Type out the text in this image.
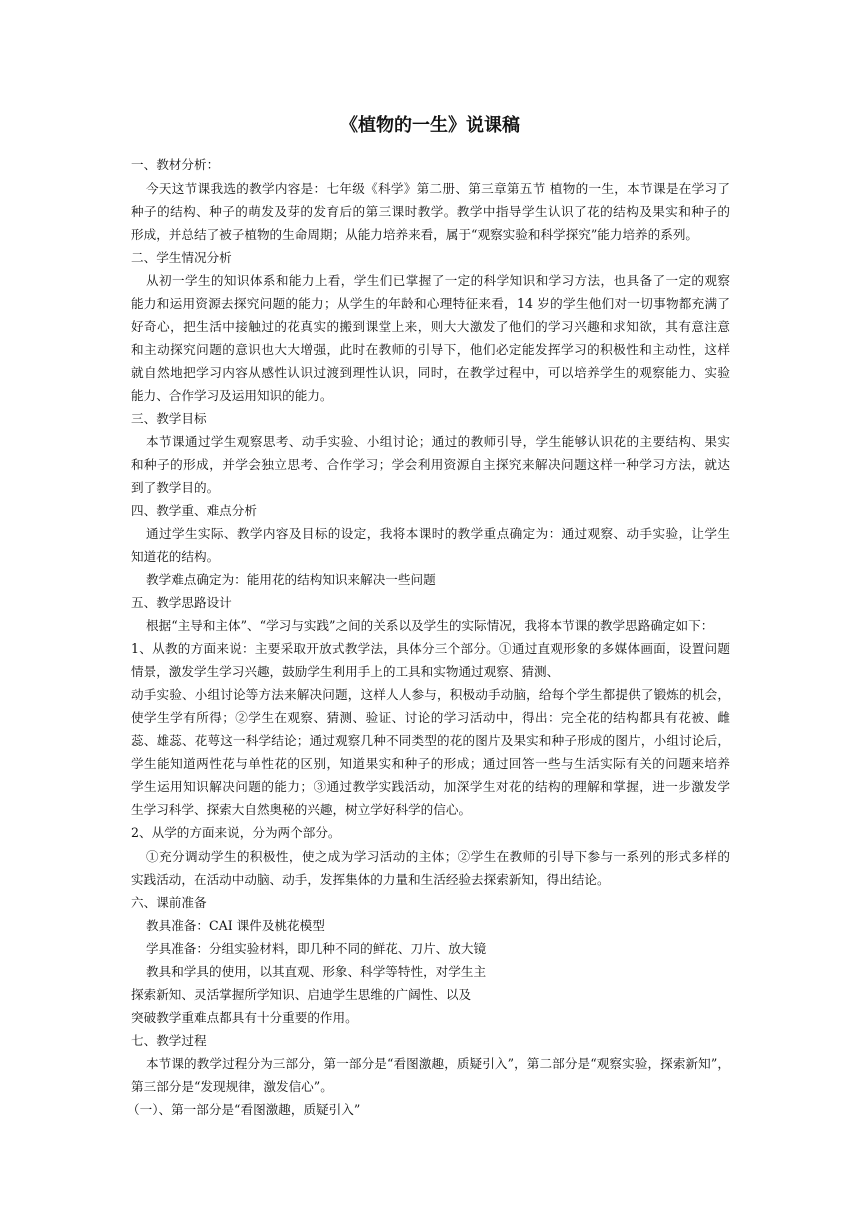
《植物的一生》说课稿
一、教材分析：
今天这节课我选的教学内容是：七年级《科学》第二册、第三章第五节 植物的一生，本节课是在学习了
种子的结构、种子的萌发及芽的发育后的第三课时教学。教学中指导学生认识了花的结构及果实和种子的
形成，并总结了被子植物的生命周期；从能力培养来看，属于“观察实验和科学探究”能力培养的系列。
二、学生情况分析
从初一学生的知识体系和能力上看，学生们已掌握了一定的科学知识和学习方法，也具备了一定的观察
能力和运用资源去探究问题的能力；从学生的年龄和心理特征来看，14 岁的学生他们对一切事物都充满了
好奇心，把生活中接触过的花真实的搬到课堂上来，则大大激发了他们的学习兴趣和求知欲，其有意注意
和主动探究问题的意识也大大增强，此时在教师的引导下，他们必定能发挥学习的积极性和主动性，这样
就自然地把学习内容从感性认识过渡到理性认识，同时，在教学过程中，可以培养学生的观察能力、实验
能力、合作学习及运用知识的能力。
三、教学目标
本节课通过学生观察思考、动手实验、小组讨论；通过的教师引导，学生能够认识花的主要结构、果实
和种子的形成，并学会独立思考、合作学习；学会利用资源自主探究来解决问题这样一种学习方法，就达
到了教学目的。
四、教学重、难点分析
通过学生实际、教学内容及目标的设定，我将本课时的教学重点确定为：通过观察、动手实验，让学生
知道花的结构。
教学难点确定为：能用花的结构知识来解决一些问题
五、教学思路设计
根据“主导和主体”、“学习与实践”之间的关系以及学生的实际情况，我将本节课的教学思路确定如下：
1、从教的方面来说：主要采取开放式教学法，具体分三个部分。①通过直观形象的多媒体画面，设置问题
情景，激发学生学习兴趣，鼓励学生利用手上的工具和实物通过观察、猜测、
动手实验、小组讨论等方法来解决问题，这样人人参与，积极动手动脑，给每个学生都提供了锻炼的机会，
使学生学有所得；②学生在观察、猜测、验证、讨论的学习活动中，得出：完全花的结构都具有花被、雌
蕊、雄蕊、花萼这一科学结论；通过观察几种不同类型的花的图片及果实和种子形成的图片，小组讨论后，
学生能知道两性花与单性花的区别，知道果实和种子的形成；通过回答一些与生活实际有关的问题来培养
学生运用知识解决问题的能力；③通过教学实践活动，加深学生对花的结构的理解和掌握，进一步激发学
生学习科学、探索大自然奥秘的兴趣，树立学好科学的信心。
2、从学的方面来说，分为两个部分。
①充分调动学生的积极性，使之成为学习活动的主体；②学生在教师的引导下参与一系列的形式多样的
实践活动，在活动中动脑、动手，发挥集体的力量和生活经验去探索新知，得出结论。
六、课前准备
教具准备：CAI 课件及桃花模型
学具准备：分组实验材料，即几种不同的鲜花、刀片、放大镜
教具和学具的使用，以其直观、形象、科学等特性，对学生主
探索新知、灵活掌握所学知识、启迪学生思维的广阔性、以及
突破教学重难点都具有十分重要的作用。
七、教学过程
本节课的教学过程分为三部分，第一部分是“看图激趣，质疑引入”，第二部分是“观察实验，探索新知”，
第三部分是“发现规律，激发信心”。
（一）、第一部分是“看图激趣，质疑引入”
